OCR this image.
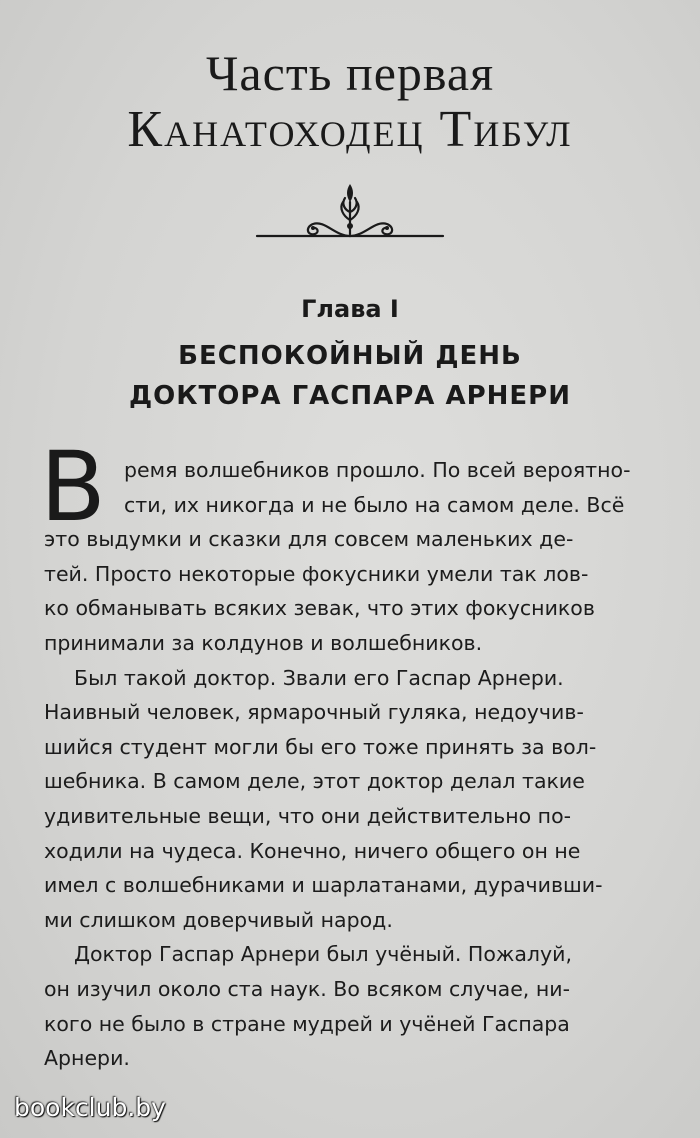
Часть первая
Канатоходец Тибул
Глава I
БЕСПОКОЙНЫЙ ДЕНЬ
ДОКТОРА ГАСПАРА АРНЕРИ
В ремя волшебников прошло. По всей вероятно-
сти, их никогда и не было на самом деле. Всё
это выдумки и сказки для совсем маленьких де-
тей. Просто некоторые фокусники умели так лов-
ко обманывать всяких зевак, что этих фокусников
принимали за колдунов и волшебников.
Был такой доктор. Звали его Гаспар Арнери.
Наивный человек, ярмарочный гуляка, недоучив-
шийся студент могли бы его тоже принять за вол-
шебника. В самом деле, этот доктор делал такие
удивительные вещи, что они действительно по-
ходили на чудеса. Конечно, ничего общего он не
имел с волшебниками и шарлатанами, дурачивши-
ми слишком доверчивый народ.
Доктор Гаспар Арнери был учёный. Пожалуй,
он изучил около ста наук. Во всяком случае, ни-
кого не было в стране мудрей и учёней Гаспара
Арнери.
bookclub.by
